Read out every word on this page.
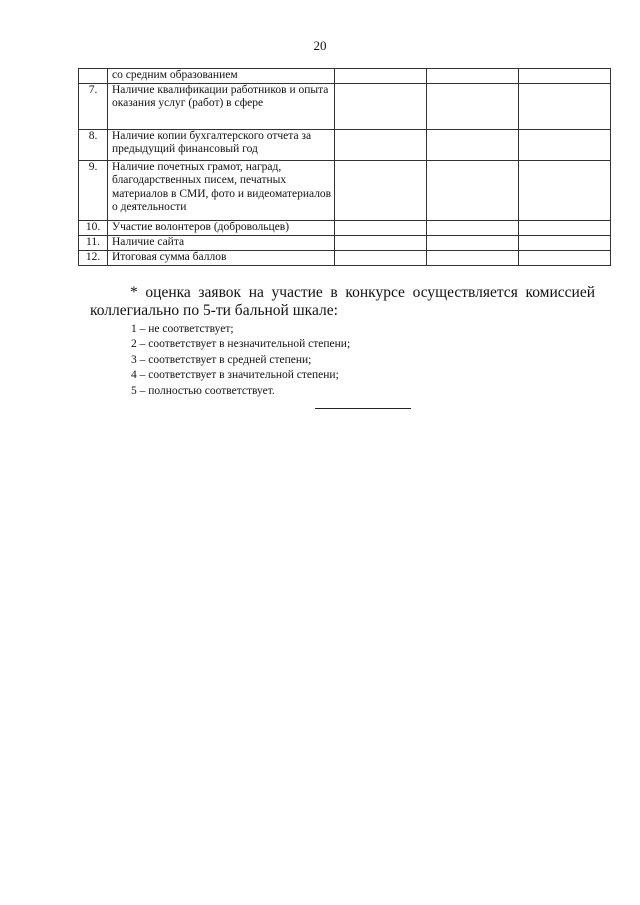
20
	со средним образованием			
7.	Наличие квалификации работников и опыта оказания услуг (работ) в сфере			
8.	Наличие копии бухгалтерского отчета за предыдущий финансовый год			
9.	Наличие почетных грамот, наград, благодарственных писем, печатных материалов в СМИ, фото и видеоматериалов о деятельности			
10.	Участие волонтеров (добровольцев)			
11.	Наличие сайта			
12.	Итоговая сумма баллов			
* оценка заявок на участие в конкурсе осуществляется комиссией
коллегиально по 5-ти бальной шкале:
1 – не соответствует;
2 – соответствует в незначительной степени;
3 – соответствует в средней степени;
4 – соответствует в значительной степени;
5 – полностью соответствует.
